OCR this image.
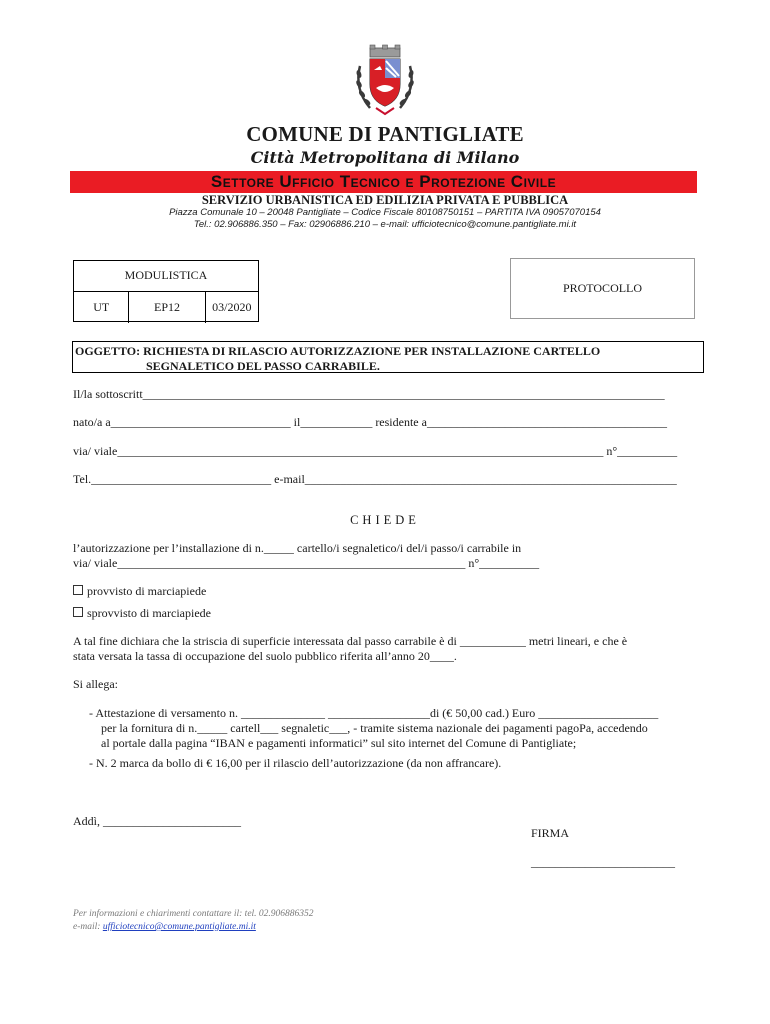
COMUNE DI PANTIGLIATE
Città Metropolitana di Milano
Settore Ufficio Tecnico e Protezione Civile
SERVIZIO URBANISTICA ED EDILIZIA PRIVATA E PUBBLICA
Piazza Comunale 10 – 20048 Pantigliate – Codice Fiscale 80108750151 – PARTITA IVA 09057070154
Tel.: 02.906886.350 – Fax: 02906886.210 – e-mail: ufficiotecnico@comune.pantigliate.mi.it
MODULISTICA
UT	EP12	03/2020
PROTOCOLLO
OGGETTO: RICHIESTA DI RILASCIO AUTORIZZAZIONE PER INSTALLAZIONE CARTELLO
SEGNALETICO DEL PASSO CARRABILE.
Il/la sottoscritt_______________________________________________________________________________________
nato/a a______________________________ il____________ residente a________________________________________
via/ viale_________________________________________________________________________________ n°__________
Tel.______________________________ e-mail______________________________________________________________
CHIEDE
l’autorizzazione per l’installazione di n._____ cartello/i segnaletico/i del/i passo/i carrabile in
via/ viale__________________________________________________________ n°__________
provvisto di marciapiede
sprovvisto di marciapiede
A tal fine dichiara che la striscia di superficie interessata dal passo carrabile è di ___________ metri lineari, e che è
stata versata la tassa di occupazione del suolo pubblico riferita all’anno 20____.
Si allega:
- Attestazione di versamento n. ______________ _________________di (€ 50,00 cad.) Euro ____________________
per la fornitura di n._____ cartell___ segnaletic___, - tramite sistema nazionale dei pagamenti pagoPa, accedendo
al portale dalla pagina “IBAN e pagamenti informatici” sul sito internet del Comune di Pantigliate;
- N. 2 marca da bollo di € 16,00 per il rilascio dell’autorizzazione (da non affrancare).
Addì, _______________________
FIRMA
________________________
Per informazioni e chiarimenti contattare il: tel. 02.906886352
e-mail: ufficiotecnico@comune.pantigliate.mi.it
